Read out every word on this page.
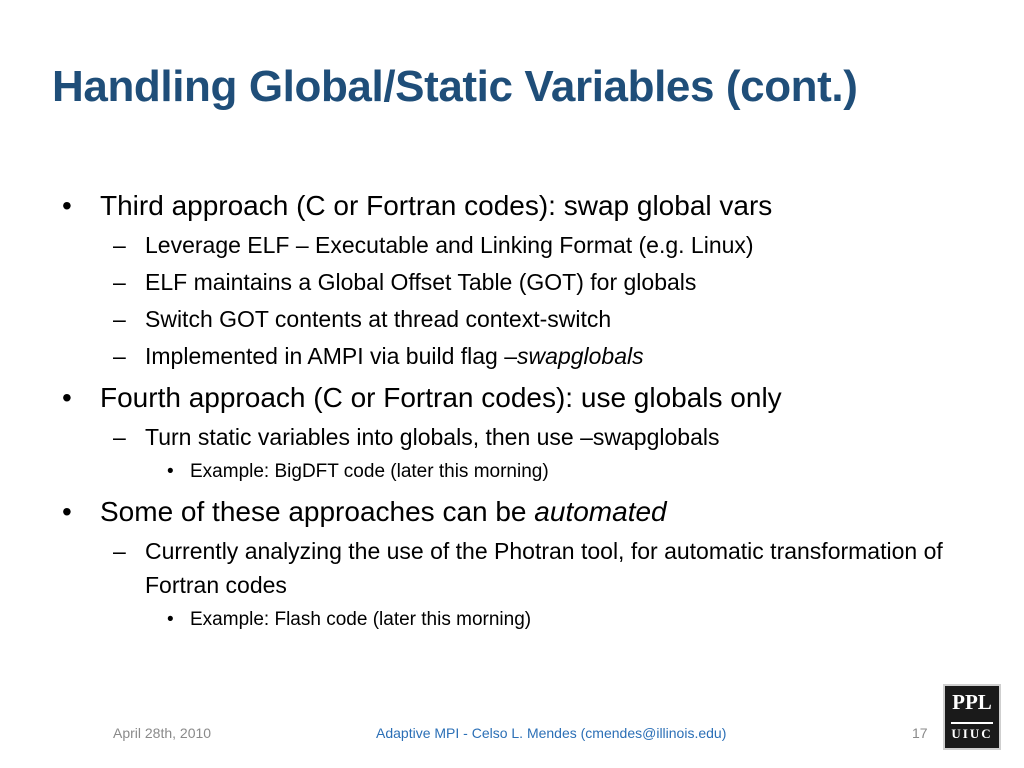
Handling Global/Static Variables (cont.)
• Third approach (C or Fortran codes): swap global vars
– Leverage ELF – Executable and Linking Format (e.g. Linux)
– ELF maintains a Global Offset Table (GOT) for globals
– Switch GOT contents at thread context-switch
– Implemented in AMPI via build flag –swapglobals
• Fourth approach (C or Fortran codes): use globals only
– Turn static variables into globals, then use –swapglobals
• Example: BigDFT code (later this morning)
• Some of these approaches can be automated
– Currently analyzing the use of the Photran tool, for automatic transformation of Fortran codes
• Example: Flash code (later this morning)
April 28th, 2010	Adaptive MPI - Celso L. Mendes (cmendes@illinois.edu)	17
PPL
UIUC
